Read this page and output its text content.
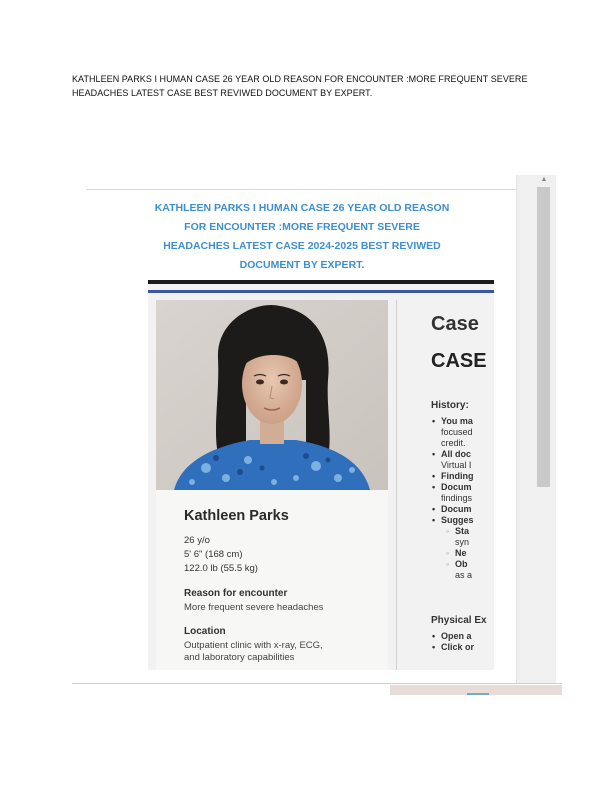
KATHLEEN PARKS I HUMAN CASE 26 YEAR OLD REASON FOR ENCOUNTER :MORE FREQUENT SEVERE
HEADACHES LATEST CASE BEST REVIWED DOCUMENT BY EXPERT.
KATHLEEN PARKS I HUMAN CASE 26 YEAR OLD REASON
FOR ENCOUNTER :MORE FREQUENT SEVERE
HEADACHES LATEST CASE 2024-2025 BEST REVIWED
DOCUMENT BY EXPERT.
Kathleen Parks
26 y/o
5' 6" (168 cm)
122.0 lb (55.5 kg)
Reason for encounter
More frequent severe headaches
Location
Outpatient clinic with x-ray, ECG,
and laboratory capabilities
Case
CASE
History:
• You ma
focused
credit.
• All doc
Virtual I
• Finding
• Docum
findings
• Docum
• Sugges
◦ Sta
syn
◦ Ne
◦ Ob
as a
Physical Ex
• Open a
• Click or
▲
